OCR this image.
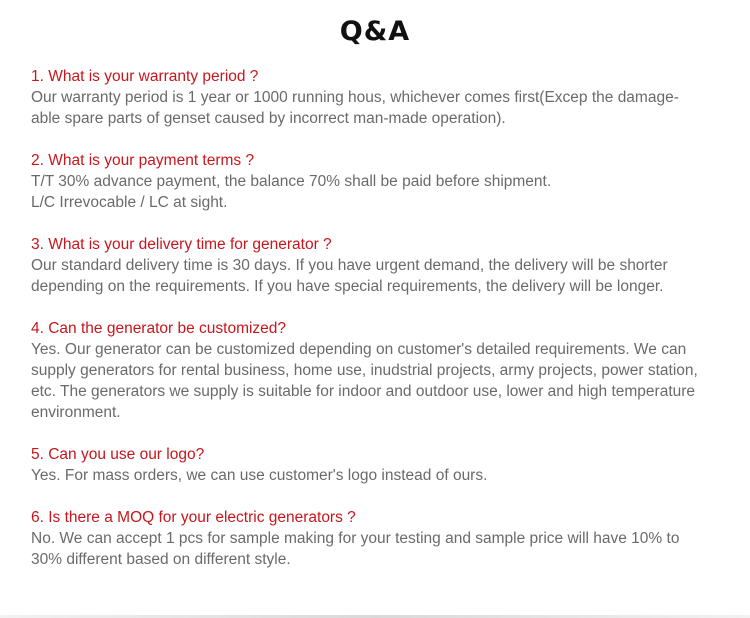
Q&A
1. What is your warranty period ?
Our warranty period is 1 year or 1000 running hous, whichever comes first(Excep the damage-
able spare parts of genset caused by incorrect man-made operation).
2. What is your payment terms ?
T/T 30% advance payment, the balance 70% shall be paid before shipment.
L/C Irrevocable / LC at sight.
3. What is your delivery time for generator ?
Our standard delivery time is 30 days. If you have urgent demand, the delivery will be shorter
depending on the requirements. If you have special requirements, the delivery will be longer.
4. Can the generator be customized?
Yes. Our generator can be customized depending on customer's detailed requirements. We can
supply generators for rental business, home use, inudstrial projects, army projects, power station,
etc. The generators we supply is suitable for indoor and outdoor use, lower and high temperature
environment.
5. Can you use our logo?
Yes. For mass orders, we can use customer's logo instead of ours.
6. Is there a MOQ for your electric generators ?
No. We can accept 1 pcs for sample making for your testing and sample price will have 10% to
30% different based on different style.
